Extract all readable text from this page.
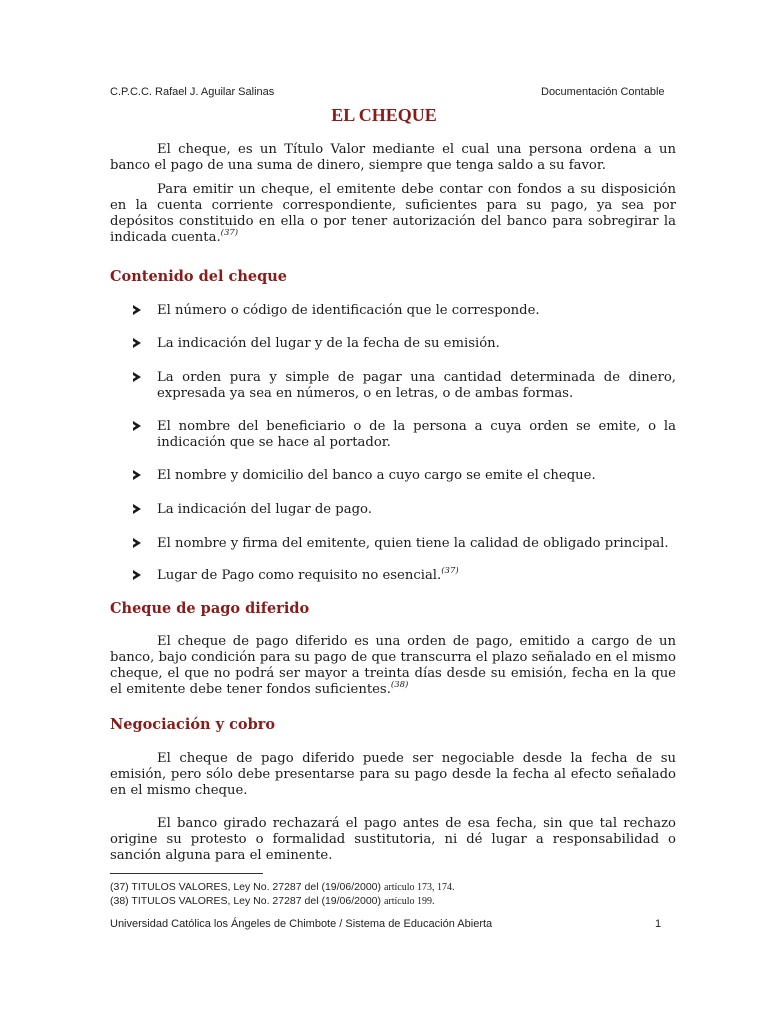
C.P.C.C. Rafael J. Aguilar Salinas	Documentación Contable
EL CHEQUE
El cheque, es un Título Valor mediante el cual una persona ordena a un banco el pago de una suma de dinero, siempre que tenga saldo a su favor.
Para emitir un cheque, el emitente debe contar con fondos a su disposición en la cuenta corriente correspondiente, suficientes para su pago, ya sea por depósitos constituido en ella o por tener autorización del banco para sobregirar la indicada cuenta.$^{(37)}$
Contenido del cheque
El número o código de identificación que le corresponde.
La indicación del lugar y de la fecha de su emisión.
La orden pura y simple de pagar una cantidad determinada de dinero, expresada ya sea en números, o en letras, o de ambas formas.
El nombre del beneficiario o de la persona a cuya orden se emite, o la indicación que se hace al portador.
El nombre y domicilio del banco a cuyo cargo se emite el cheque.
La indicación del lugar de pago.
El nombre y firma del emitente, quien tiene la calidad de obligado principal.
Lugar de Pago como requisito no esencial.$^{(37)}$
Cheque de pago diferido
El cheque de pago diferido es una orden de pago, emitido a cargo de un banco, bajo condición para su pago de que transcurra el plazo señalado en el mismo cheque, el que no podrá ser mayor a treinta días desde su emisión, fecha en la que el emitente debe tener fondos suficientes.$^{(38)}$
Negociación y cobro
El cheque de pago diferido puede ser negociable desde la fecha de su emisión, pero sólo debe presentarse para su pago desde la fecha al efecto señalado en el mismo cheque.
El banco girado rechazará el pago antes de esa fecha, sin que tal rechazo origine su protesto o formalidad sustitutoria, ni dé lugar a responsabilidad o sanción alguna para el eminente.
(37) TITULOS VALORES, Ley No. 27287 del (19/06/2000) artículo 173, 174.
(38) TITULOS VALORES, Ley No. 27287 del (19/06/2000) artículo 199.
Universidad Católica los Ángeles de Chimbote / Sistema de Educación Abierta	1
